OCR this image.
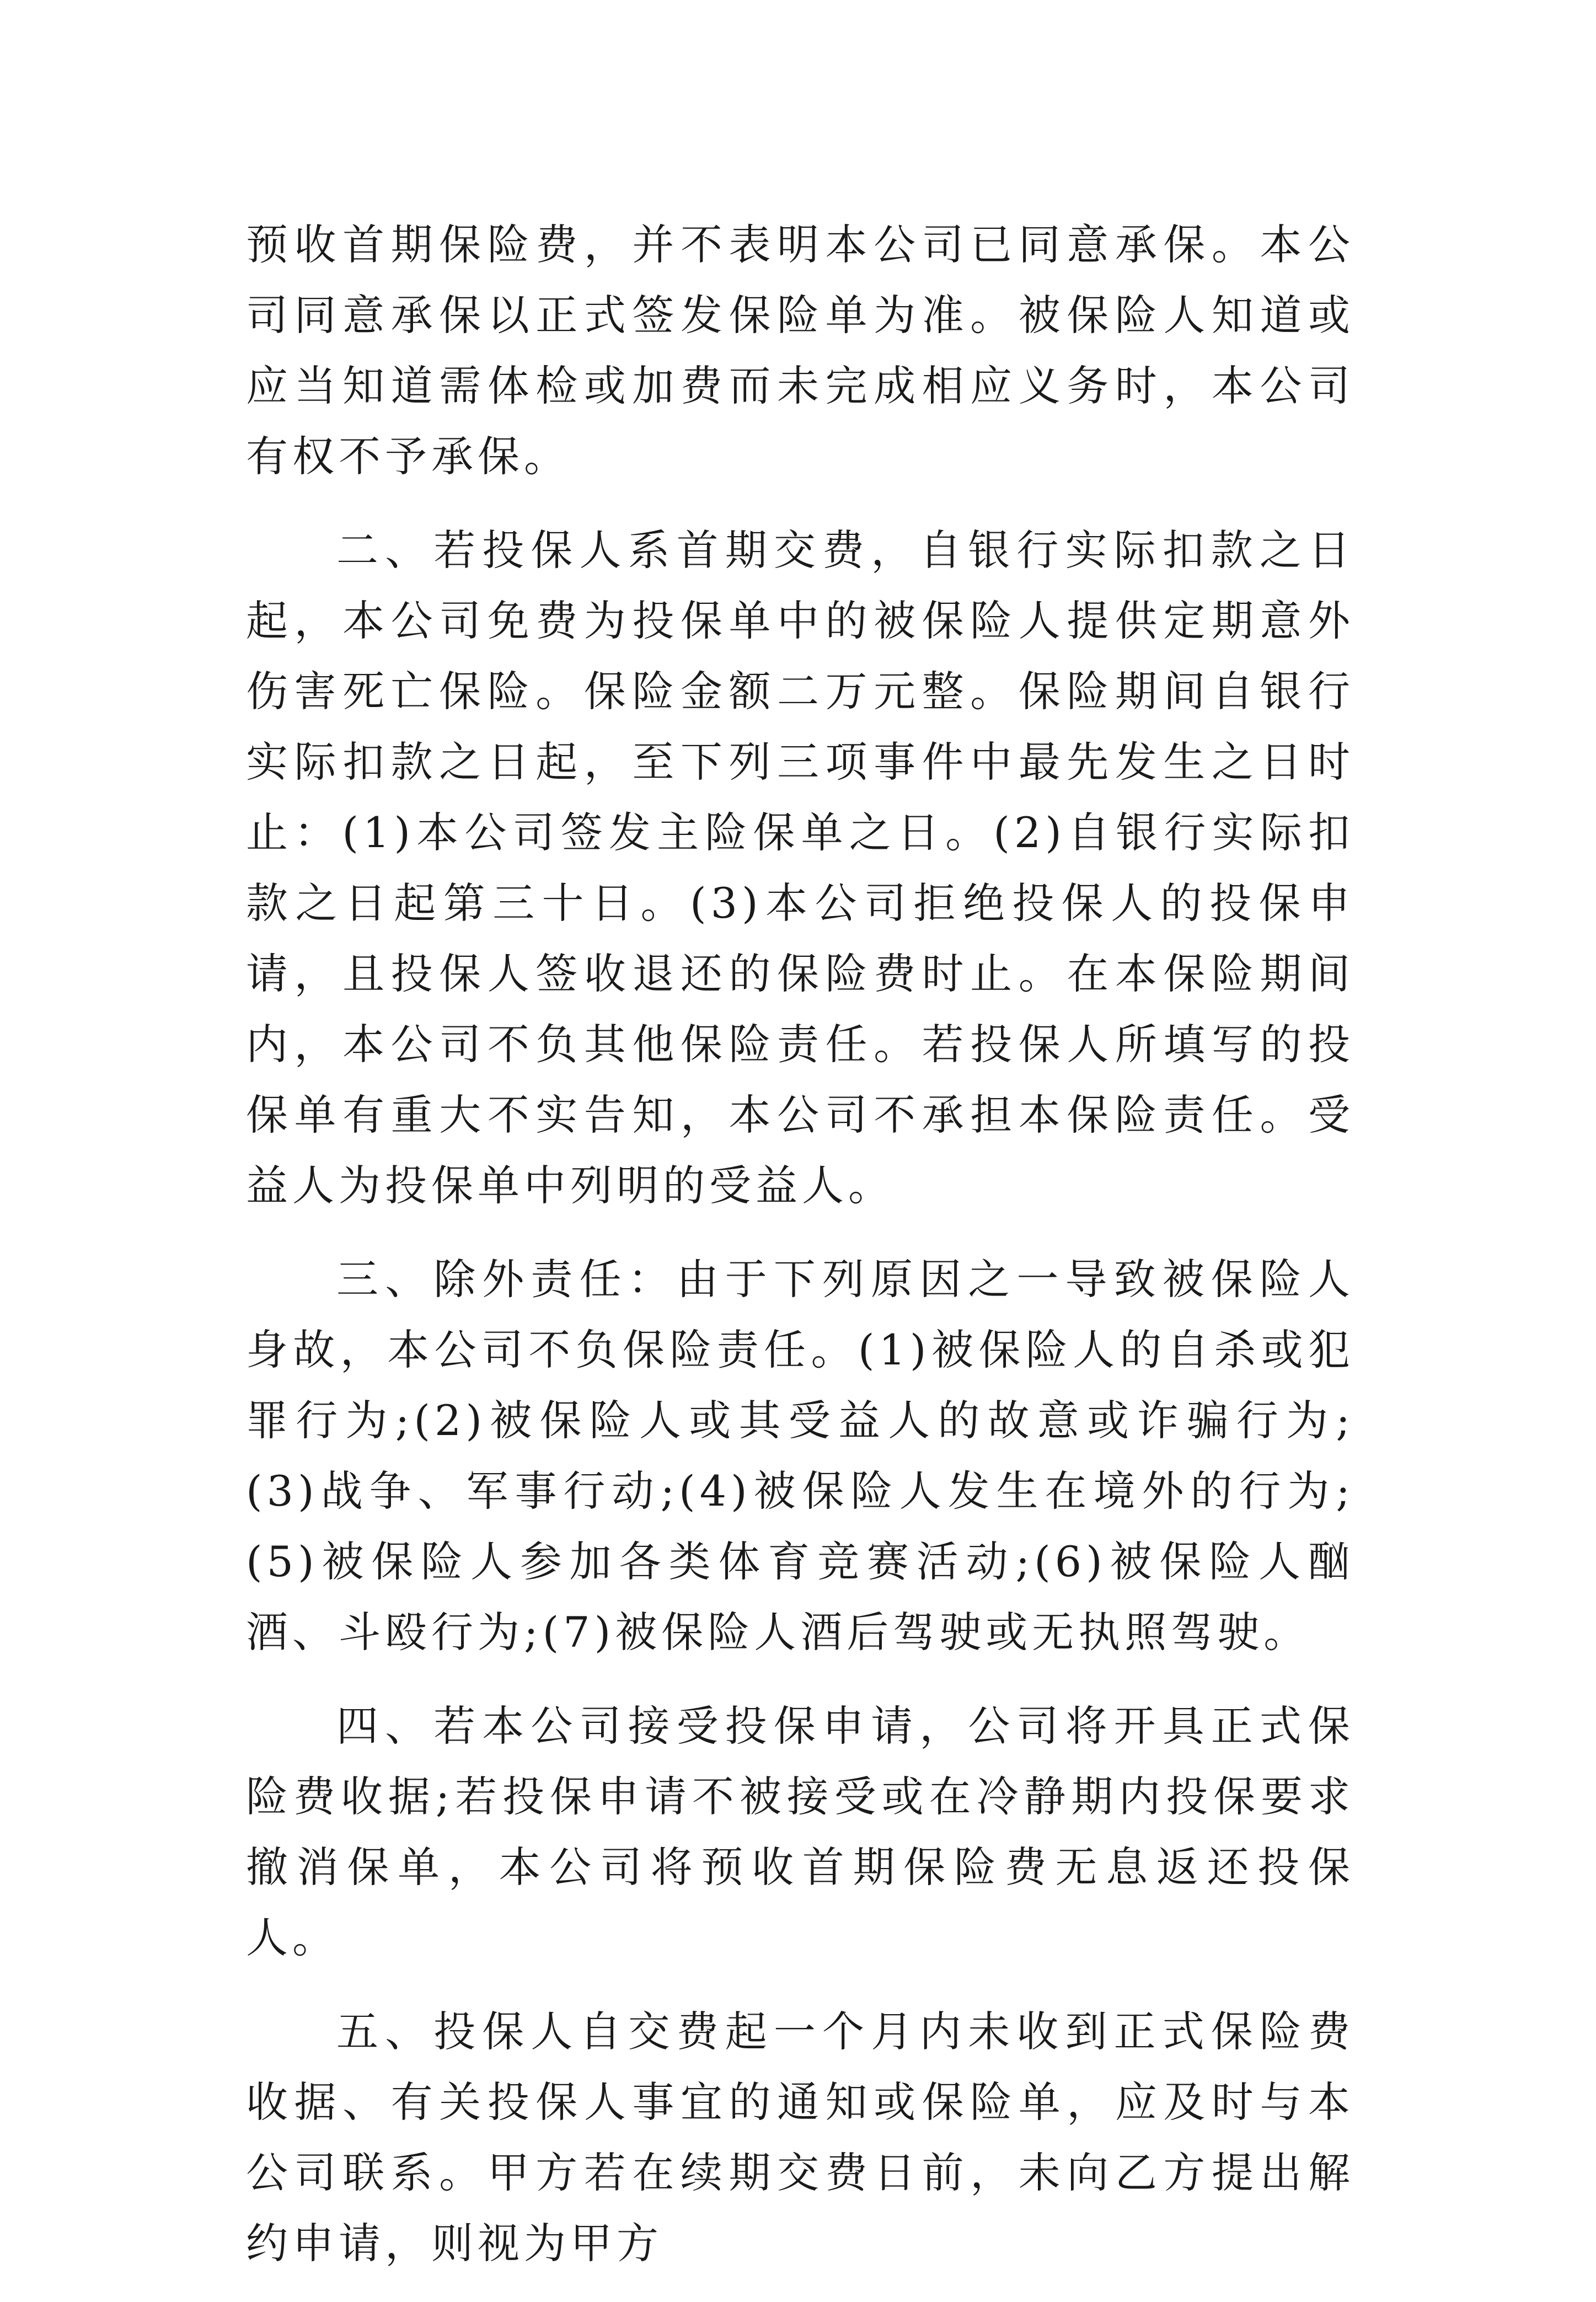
预收首期保险费，并不表明本公司已同意承保。本公司同意承保以正式签发保险单为准。被保险人知道或应当知道需体检或加费而未完成相应义务时，本公司有权不予承保。

二、若投保人系首期交费，自银行实际扣款之日起，本公司免费为投保单中的被保险人提供定期意外伤害死亡保险。保险金额二万元整。保险期间自银行实际扣款之日起，至下列三项事件中最先发生之日时止：(1)本公司签发主险保单之日。(2)自银行实际扣款之日起第三十日。(3)本公司拒绝投保人的投保申请，且投保人签收退还的保险费时止。在本保险期间内，本公司不负其他保险责任。若投保人所填写的投保单有重大不实告知，本公司不承担本保险责任。受益人为投保单中列明的受益人。

三、除外责任：由于下列原因之一导致被保险人身故，本公司不负保险责任。(1)被保险人的自杀或犯罪行为;(2)被保险人或其受益人的故意或诈骗行为;(3)战争、军事行动;(4)被保险人发生在境外的行为;(5)被保险人参加各类体育竞赛活动;(6)被保险人酗酒、斗殴行为;(7)被保险人酒后驾驶或无执照驾驶。

四、若本公司接受投保申请，公司将开具正式保险费收据;若投保申请不被接受或在冷静期内投保要求撤消保单，本公司将预收首期保险费无息返还投保人。

五、投保人自交费起一个月内未收到正式保险费收据、有关投保人事宜的通知或保险单，应及时与本公司联系。甲方若在续期交费日前，未向乙方提出解约申请，则视为甲方
